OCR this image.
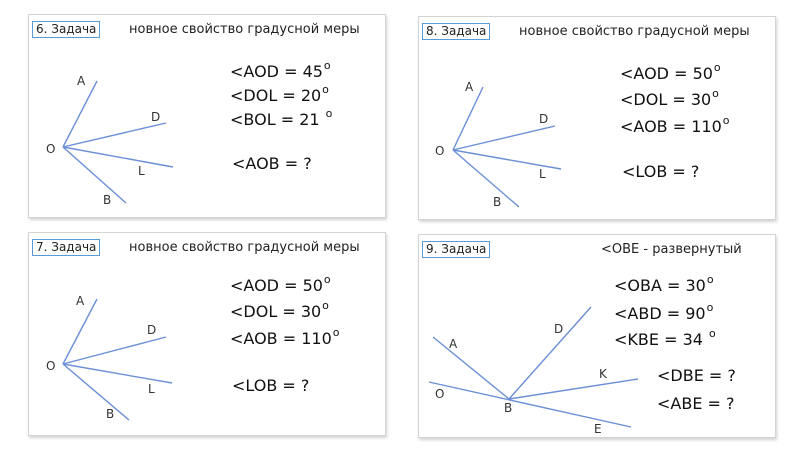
6. Задача	новное свойство градусной меры
A
D
O
L
B
$<AOD = 45^o$
$<DOL = 20^o$
<BOL = 21 $^o$
<AOB = ?
8. Задача	новное свойство градусной меры
A
D
O
L
B
$<AOD = 50^o$
$<DOL = 30^o$
$<AOB = 110^o$
<LOB = ?
7. Задача	новное свойство градусной меры
A
D
O
L
B
$<AOD = 50^o$
$<DOL = 30^o$
$<AOB = 110^o$
<LOB = ?
9. Задача	<OBE - развернутый
A
D
O
K
B
E
$<OBA = 30^o$
$<ABD = 90^o$
<KBE = 34 $^o$
<DBE = ?
<ABE = ?
